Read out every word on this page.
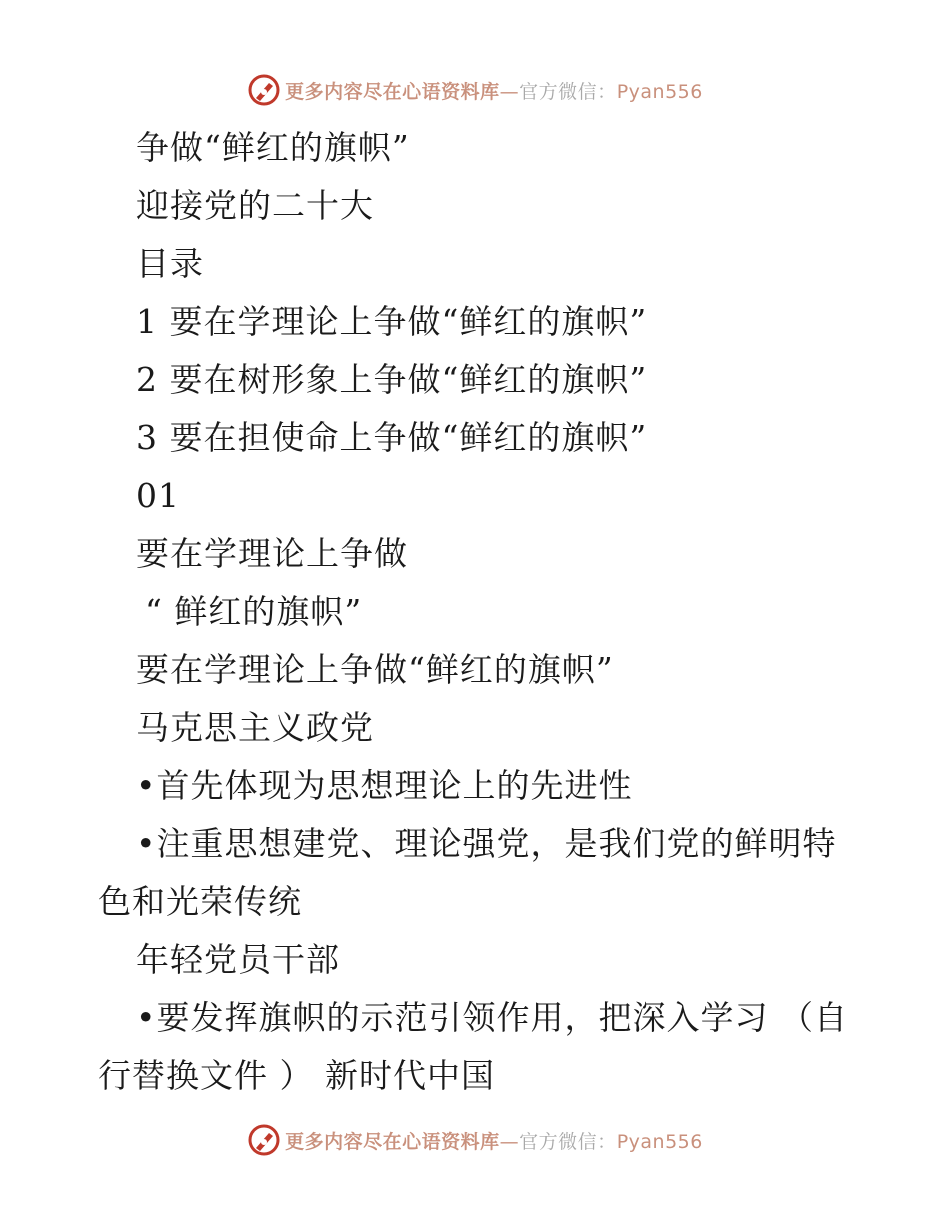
更多内容尽在心语资料库—官方微信：Pyan556
争做“鲜红的旗帜”
迎接党的二十大
目录
1 要在学理论上争做“鲜红的旗帜”
2 要在树形象上争做“鲜红的旗帜”
3 要在担使命上争做“鲜红的旗帜”
01
要在学理论上争做
“ 鲜红的旗帜”
要在学理论上争做“鲜红的旗帜”
马克思主义政党
•首先体现为思想理论上的先进性
•注重思想建党、理论强党，是我们党的鲜明特
色和光荣传统
年轻党员干部
•要发挥旗帜的示范引领作用，把深入学习 （自
行替换文件 ） 新时代中国
更多内容尽在心语资料库—官方微信：Pyan556
